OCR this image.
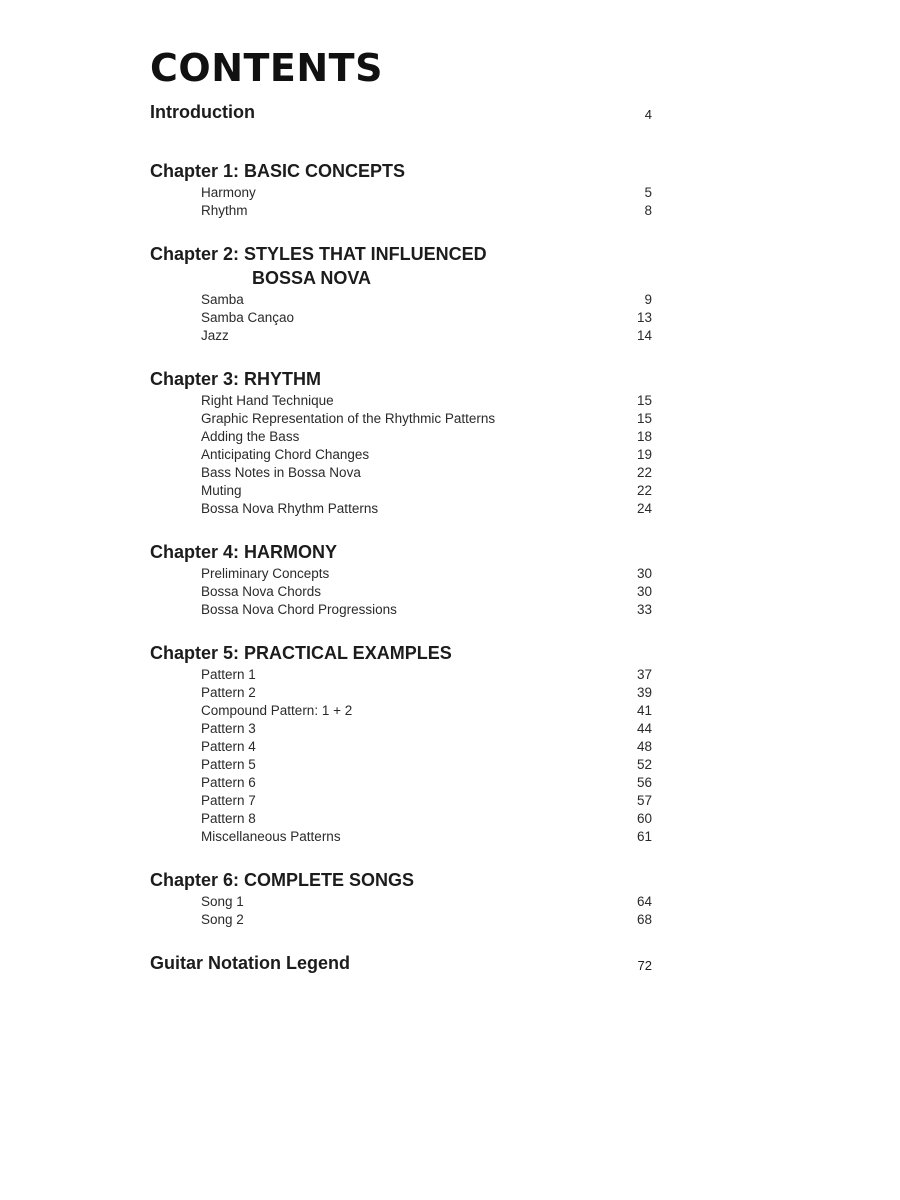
CONTENTS
Introduction	4
Chapter 1: BASIC CONCEPTS
Harmony	5
Rhythm	8
Chapter 2: STYLES THAT INFLUENCED
BOSSA NOVA
Samba	9
Samba Cançao	13
Jazz	14
Chapter 3: RHYTHM
Right Hand Technique	15
Graphic Representation of the Rhythmic Patterns	15
Adding the Bass	18
Anticipating Chord Changes	19
Bass Notes in Bossa Nova	22
Muting	22
Bossa Nova Rhythm Patterns	24
Chapter 4: HARMONY
Preliminary Concepts	30
Bossa Nova Chords	30
Bossa Nova Chord Progressions	33
Chapter 5: PRACTICAL EXAMPLES
Pattern 1	37
Pattern 2	39
Compound Pattern: 1 + 2	41
Pattern 3	44
Pattern 4	48
Pattern 5	52
Pattern 6	56
Pattern 7	57
Pattern 8	60
Miscellaneous Patterns	61
Chapter 6: COMPLETE SONGS
Song 1	64
Song 2	68
Guitar Notation Legend	72
